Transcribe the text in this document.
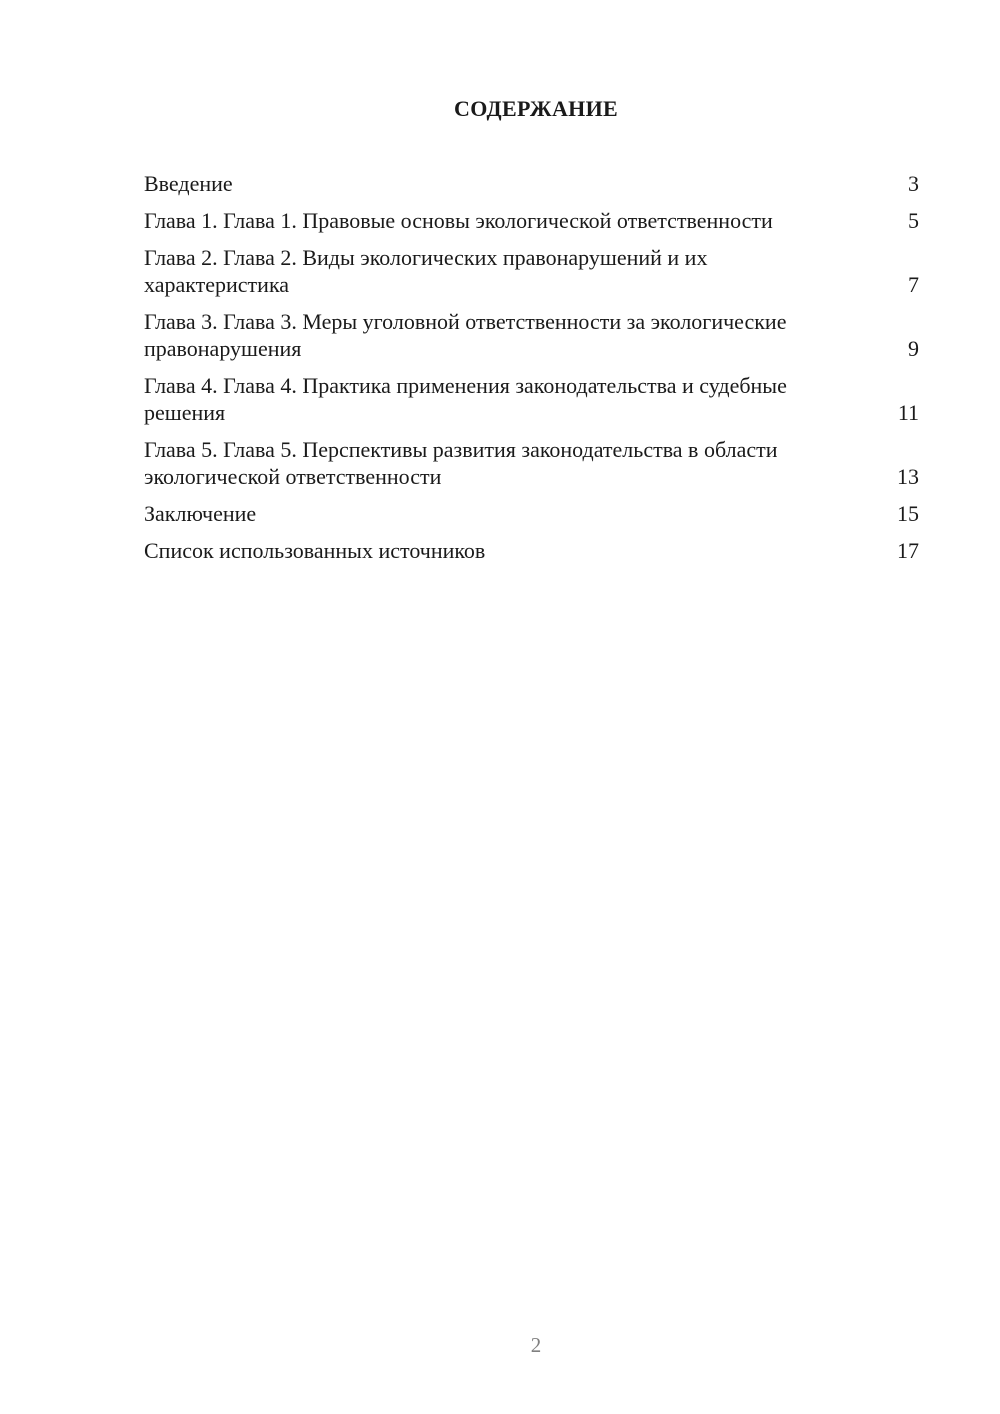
СОДЕРЖАНИЕ
Введение	3
Глава 1. Глава 1. Правовые основы экологической ответственности	5
Глава 2. Глава 2. Виды экологических правонарушений и их характеристика	7
Глава 3. Глава 3. Меры уголовной ответственности за экологические правонарушения	9
Глава 4. Глава 4. Практика применения законодательства и судебные решения	11
Глава 5. Глава 5. Перспективы развития законодательства в области экологической ответственности	13
Заключение	15
Список использованных источников	17
2
